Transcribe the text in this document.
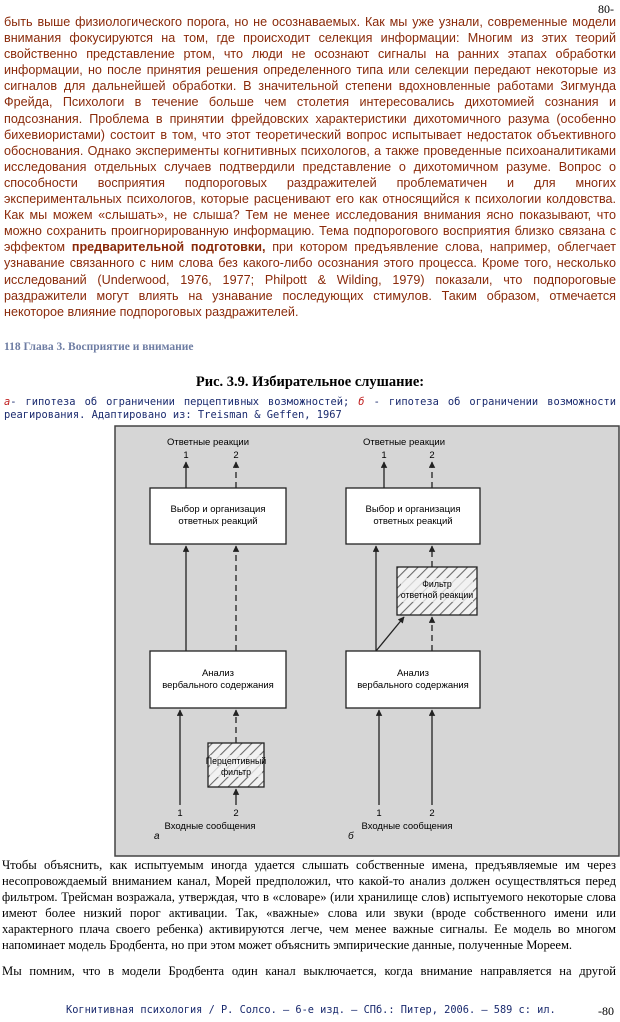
80-

быть выше физиологического порога, но не осознаваемых. Как мы уже узнали, современные модели внимания фокусируются на том, где происходит селекция информации: Многим из этих теорий свойственно представление ртом, что люди не осознают сигналы на ранних этапах обработки информации, но после принятия решения определенного типа или селекции передают некоторые из сигналов для дальнейшей обработки. В значительной степени вдохновленные работами Зигмунда Фрейда, Психологи в течение больше чем столетия интересовались дихотомией сознания и подсознания. Проблема в принятии фрейдовских характеристики дихотомичного разума (особенно бихевиористами) состоит в том, что этот теоретический вопрос испытывает недостаток объективного обоснования. Однако эксперименты когнитивных психологов, а также проведенные психоаналитиками исследования отдельных случаев подтвердили представление о дихотомичном разуме. Вопрос о способности восприятия подпороговых раздражителей проблематичен и для многих экспериментальных психологов, которые расценивают его как относящийся к психологии колдовства. Как мы можем «слышать», не слыша? Тем не менее исследования внимания ясно показывают, что можно сохранить проигнорированную информацию. Тема подпорогового восприятия близко связана с эффектом предварительной подготовки, при котором предъявление слова, например, облегчает узнавание связанного с ним слова без какого-либо осознания этого процесса. Кроме того, несколько исследований (Underwood, 1976, 1977; Philpott & Wilding, 1979) показали, что подпороговые раздражители могут влиять на узнавание последующих стимулов. Таким образом, отмечается некоторое влияние подпороговых раздражителей.

118 Глава 3. Восприятие и внимание
Рис. 3.9. Избирательное слушание:
а- гипотеза об ограничении перцептивных возможностей; б - гипотеза об ограничении возможности реагирования. Адаптировано из: Treisman & Geffen, 1967
Ответные реакции
1	2
Выбор и организация
ответных реакций
Анализ
вербального содержания
Перцептивный
фильтр
1	2
а
Входные сообщения
Ответные реакции
1	2
Выбор и организация
ответных реакций
Фильтр
ответной реакции
Анализ
вербального содержания
1	2
б
Входные сообщения

Чтобы объяснить, как испытуемым иногда удается слышать собственные имена, предъявляемые им через несопровождаемый вниманием канал, Морей предположил, что какой-то анализ должен осуществляться перед фильтром. Трейсман возражала, утверждая, что в «словаре» (или хранилище слов) испытуемого некоторые слова имеют более низкий порог активации. Так, «важные» слова или звуки (вроде собственного имени или характерного плача своего ребенка) активируются легче, чем менее важные сигналы. Ее модель во многом напоминает модель Бродбента, но при этом может объяснить эмпирические данные, полученные Мореем.

Мы помним, что в модели Бродбента один канал выключается, когда внимание направляется на другой

Когнитивная психология / Р. Солсо. — 6-е изд. — СПб.: Питер, 2006. — 589 с: ил.	-80
